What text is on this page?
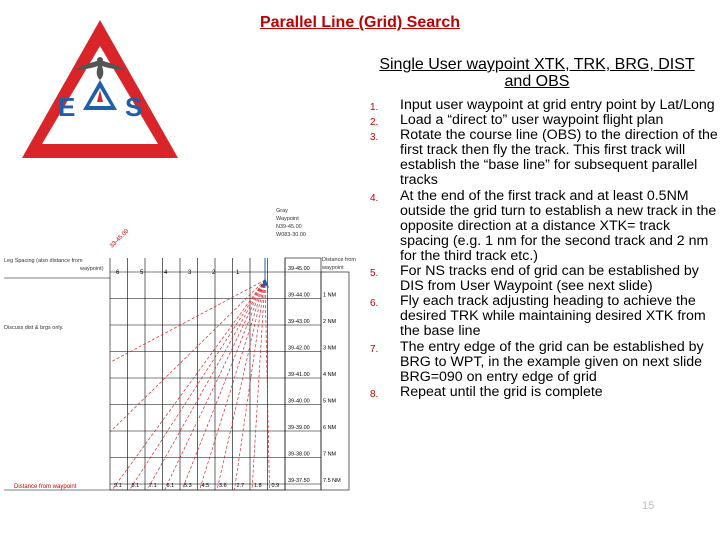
Parallel Line (Grid) Search
E S
Single User waypoint XTK, TRK, BRG, DIST and OBS
1. Input user waypoint at grid entry point by Lat/Long
2. Load a “direct to” user waypoint flight plan
3. Rotate the course line (OBS) to the direction of the first track then fly the track. This first track will establish the “base line” for subsequent parallel tracks
4. At the end of the first track and at least 0.5NM outside the grid turn to establish a new track in the opposite direction at a distance XTK= track spacing (e.g. 1 nm for the second track and 2 nm for the third track etc.)
5. For NS tracks end of grid can be established by DIS from User Waypoint (see next slide)
6. Fly each track adjusting heading to achieve the desired TRK while maintaining desired XTK from the base line
7. The entry edge of the grid can be established by BRG to WPT, in the example given on next slide BRG=090 on entry edge of grid
8. Repeat until the grid is complete
33-45.00
Gray
Waypoint
N39-45.00
W083-30.00
Distance from
waypoint
Leg Spacing (also distance from
waypoint)
Discuss dist & brgs only.
Distance from waypoint
39-45.00
39-44.00 1 NM
39-43.00 2 NM
39-42.00 3 NM
39-41.00 4 NM
39-40.00 5 NM
39-39.00 6 NM
39-38.00 7 NM
39-37.50 7.5 NM
6	5	4	3	2	1
9.1 8.1 7.1 6.1 5.3 4.5 3.6 2.7 1.8 0.9
15
